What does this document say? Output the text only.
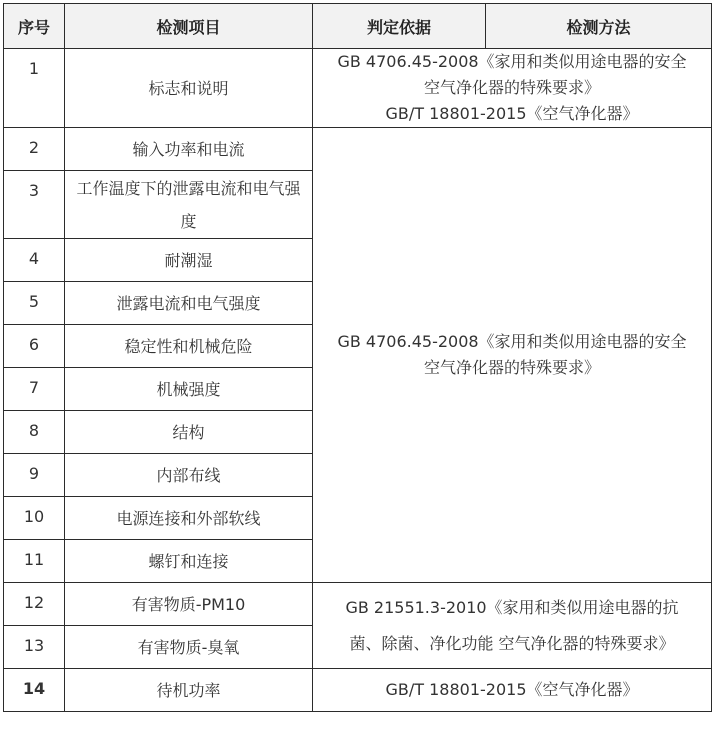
序号	检测项目	判定依据	检测方法
1	标志和说明	GB 4706.45-2008《家用和类似用途电器的安全

空气净化器的特殊要求》

GB/T 18801-2015《空气净化器》	

2	输入功率和电流	GB 4706.45-2008《家用和类似用途电器的安全

空气净化器的特殊要求》	

3	工作温度下的泄露电流和电气强度		
4	耐潮湿		
5	泄露电流和电气强度		
6	稳定性和机械危险		
7	机械强度		
8	结构		
9	内部布线		
10	电源连接和外部软线		
11	螺钉和连接		
12	有害物质-PM10	GB 21551.3-2010《家用和类似用途电器的抗

菌、除菌、净化功能 空气净化器的特殊要求》	

13	有害物质-臭氧		
14	待机功率	GB/T 18801-2015《空气净化器》	
